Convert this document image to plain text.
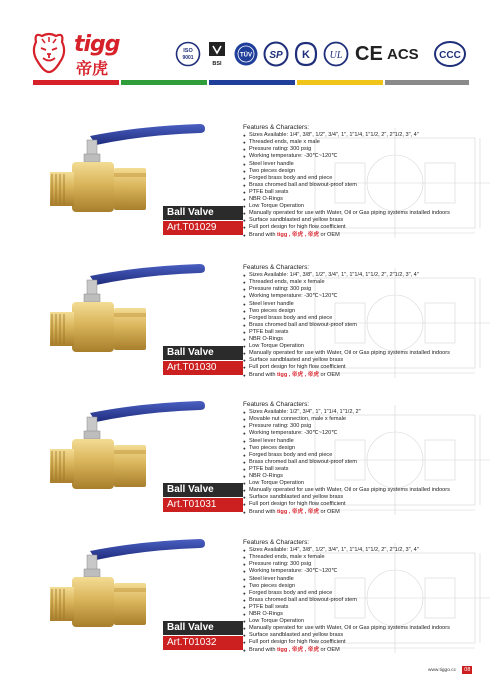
tigg
帝虎
ISO
9001
BSI
TÜV SP K UL CE ACS CCC
Ball Valve
Art.T01029
Features & Characters:
● Sizes Available: 1/4", 3/8", 1/2", 3/4", 1", 1"1/4, 1"1/2, 2", 2"1/2, 3", 4"
● Threaded ends, male x male
● Pressure rating: 300 psig
● Working temperature: -30℃~120℃
● Steel lever handle
● Two pieces design
● Forged brass body and end piece
● Brass chromed ball and blowout-proof stem
● PTFE ball seats
● NBR O-Rings
● Low Torque Operation
● Manually operated for use with Water, Oil or Gas piping systems installed indoors
● Surface sandblasted and yellow brass
● Full port design for high flow coefficient
● Brand with tigg , 帝虎 , 帝虎 or OEM
Ball Valve
Art.T01030
Features & Characters:
● Sizes Available: 1/4", 3/8", 1/2", 3/4", 1", 1"1/4, 1"1/2, 2", 2"1/2, 3", 4"
● Threaded ends, male x female
● Pressure rating: 300 psig
● Working temperature: -30℃~120℃
● Steel lever handle
● Two pieces design
● Forged brass body and end piece
● Brass chromed ball and blowout-proof stem
● PTFE ball seats
● NBR O-Rings
● Low Torque Operation
● Manually operated for use with Water, Oil or Gas piping systems installed indoors
● Surface sandblasted and yellow brass
● Full port design for high flow coefficient
● Brand with tigg , 帝虎 , 帝虎 or OEM
Ball Valve
Art.T01031
Features & Characters:
● Sizes Available: 1/2", 3/4", 1", 1"1/4, 1"1/2, 2"
● Movable nut connection, male x female
● Pressure rating: 300 psig
● Working temperature: -30℃~120℃
● Steel lever handle
● Two pieces design
● Forged brass body and end piece
● Brass chromed ball and blowout-proof stem
● PTFE ball seats
● NBR O-Rings
● Low Torque Operation
● Manually operated for use with Water, Oil or Gas piping systems installed indoors
● Surface sandblasted and yellow brass
● Full port design for high flow coefficient
● Brand with tigg , 帝虎 , 帝虎 or OEM
Ball Valve
Art.T01032
Features & Characters:
● Sizes Available: 1/4", 3/8", 1/2", 3/4", 1", 1"1/4, 1"1/2, 2", 2"1/2, 3", 4"
● Threaded ends, male x female
● Pressure rating: 300 psig
● Working temperature: -30℃~120℃
● Steel lever handle
● Two pieces design
● Forged brass body and end piece
● Brass chromed ball and blowout-proof stem
● PTFE ball seats
● NBR O-Rings
● Low Torque Operation
● Manually operated for use with Water, Oil or Gas piping systems installed indoors
● Surface sandblasted and yellow brass
● Full port design for high flow coefficient
● Brand with tigg , 帝虎 , 帝虎 or OEM
www.tiggo.cc 08
